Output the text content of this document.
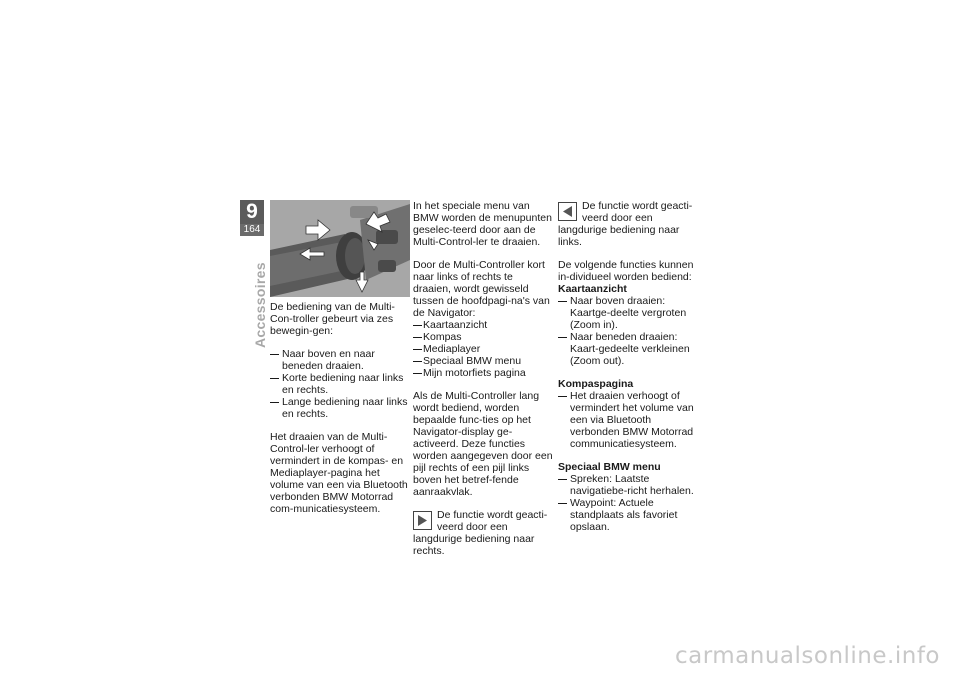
9
164
Accessoires De bediening van de Multi-Con-troller gebeurt via zes bewegin-gen:

Naar boven en naar beneden draaien.
Korte bediening naar links en rechts.
Lange bediening naar links en rechts.

Het draaien van de Multi-Control-ler verhoogt of vermindert in de kompas- en Mediaplayer-pagina het volume van een via Bluetooth verbonden BMW Motorrad com-municatiesysteem.

In het speciale menu van BMW worden de menupunten geselec-teerd door aan de Multi-Control-ler te draaien.

Door de Multi-Controller kort naar links of rechts te draaien, wordt gewisseld tussen de hoofdpagi-na's van de Navigator:

Kaartaanzicht
Kompas
Mediaplayer
Speciaal BMW menu
Mijn motorfiets pagina

Als de Multi-Controller lang wordt bediend, worden bepaalde func-ties op het Navigator-display ge-activeerd. Deze functies worden aangegeven door een pijl rechts of een pijl links boven het betref-fende aanraakvlak.

De functie wordt geacti-veerd door een langdurige bediening naar rechts.
De functie wordt geacti-veerd door een langdurige bediening naar links.

De volgende functies kunnen in-dividueel worden bediend:

Kaartaanzicht
Naar boven draaien: Kaartge-deelte vergroten (Zoom in).
Naar beneden draaien: Kaart-gedeelte verkleinen (Zoom out).
Kompaspagina
Het draaien verhoogt of vermindert het volume van een via Bluetooth verbonden BMW Motorrad communicatiesysteem.
Speciaal BMW menu
Spreken: Laatste navigatiebe-richt herhalen.
Waypoint: Actuele standplaats als favoriet opslaan.
carmanualsonline.info
